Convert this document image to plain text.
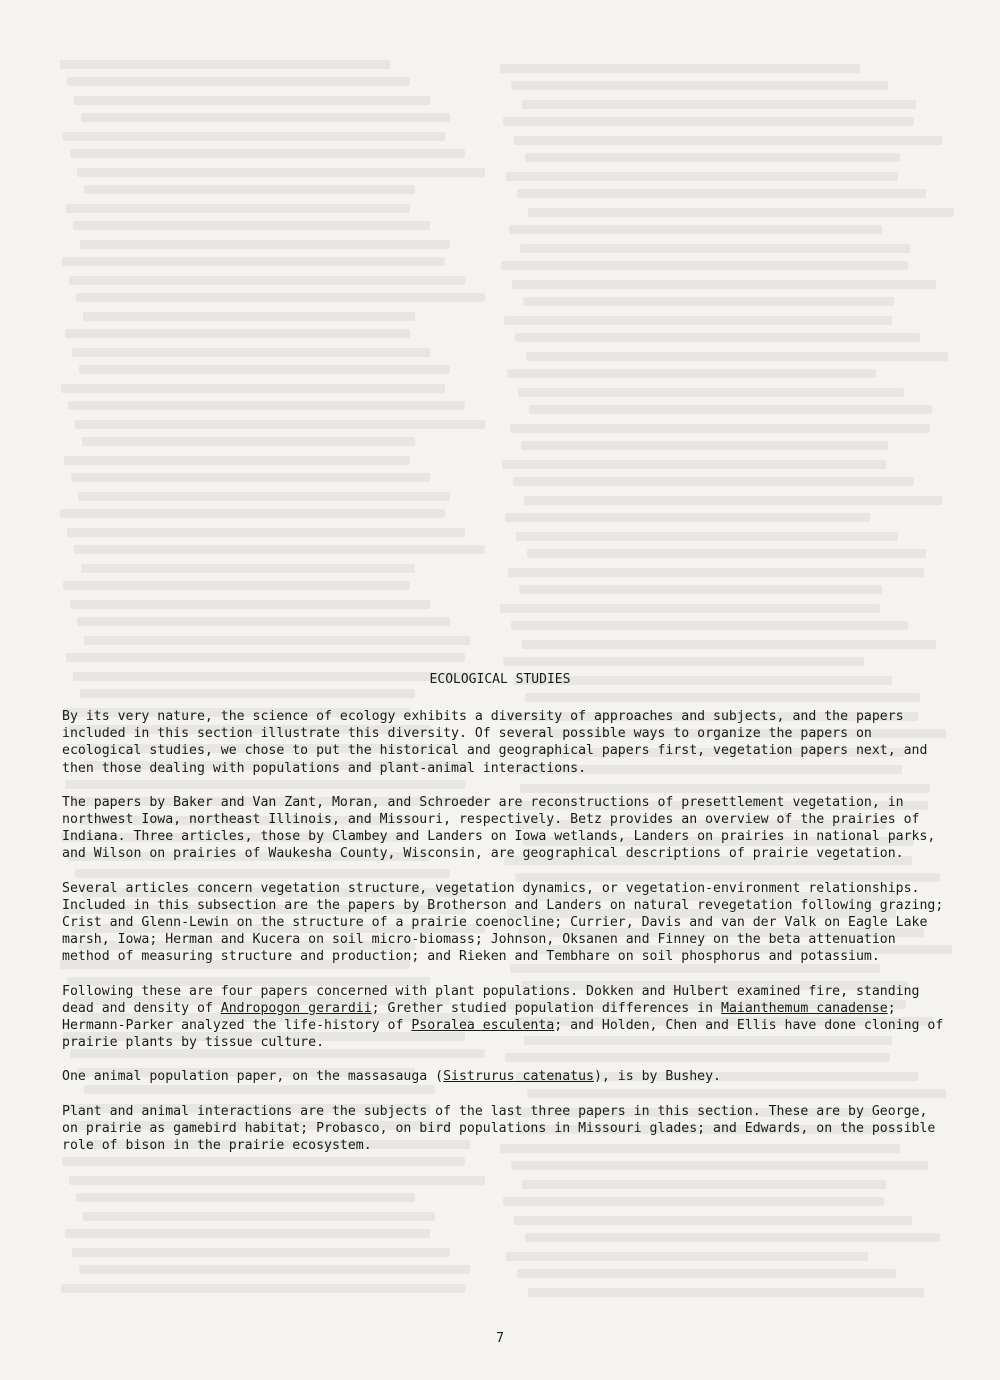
ECOLOGICAL STUDIES

By its very nature, the science of ecology exhibits a diversity of approaches and subjects, and the papers included in this section illustrate this diversity. Of several possible ways to organize the papers on ecological studies, we chose to put the historical and geographical papers first, vegetation papers next, and then those dealing with populations and plant-animal interactions.

The papers by Baker and Van Zant, Moran, and Schroeder are reconstructions of presettlement vegetation, in northwest Iowa, northeast Illinois, and Missouri, respectively. Betz provides an overview of the prairies of Indiana. Three articles, those by Clambey and Landers on Iowa wetlands, Landers on prairies in national parks, and Wilson on prairies of Waukesha County, Wisconsin, are geographical descriptions of prairie vegetation.

Several articles concern vegetation structure, vegetation dynamics, or vegetation-environment relationships. Included in this subsection are the papers by Brotherson and Landers on natural revegetation following grazing; Crist and Glenn-Lewin on the structure of a prairie coenocline; Currier, Davis and van der Valk on Eagle Lake marsh, Iowa; Herman and Kucera on soil micro-biomass; Johnson, Oksanen and Finney on the beta attenuation method of measuring structure and production; and Rieken and Tembhare on soil phosphorus and potassium.

Following these are four papers concerned with plant populations. Dokken and Hulbert examined fire, standing dead and density of Andropogon gerardii; Grether studied population differences in Maianthemum canadense; Hermann-Parker analyzed the life-history of Psoralea esculenta; and Holden, Chen and Ellis have done cloning of prairie plants by tissue culture.

One animal population paper, on the massasauga (Sistrurus catenatus), is by Bushey.

Plant and animal interactions are the subjects of the last three papers in this section. These are by George, on prairie as gamebird habitat; Probasco, on bird populations in Missouri glades; and Edwards, on the possible role of bison in the prairie ecosystem.

7
